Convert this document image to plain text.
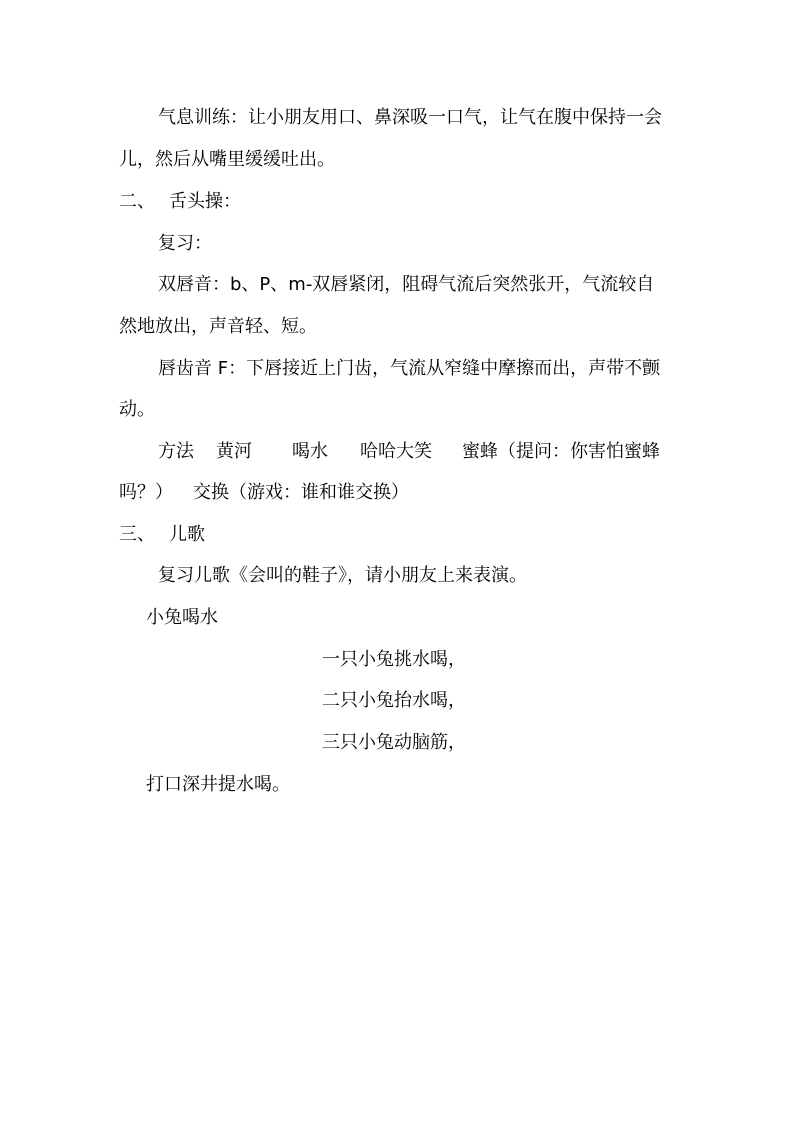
气息训练：让小朋友用口、鼻深吸一口气，让气在腹中保持一会
儿，然后从嘴里缓缓吐出。
二、 舌头操：
复习：
双唇音：b、P、m-双唇紧闭，阻碍气流后突然张开，气流较自
然地放出，声音轻、短。
唇齿音 F：下唇接近上门齿，气流从窄缝中摩擦而出，声带不颤
动。
方法 黄河 喝水 哈哈大笑 蜜蜂（提问：你害怕蜜蜂
吗？） 交换（游戏：谁和谁交换）
三、 儿歌
复习儿歌《会叫的鞋子》，请小朋友上来表演。
小兔喝水
一只小兔挑水喝，
二只小兔抬水喝，
三只小兔动脑筋，
打口深井提水喝。
